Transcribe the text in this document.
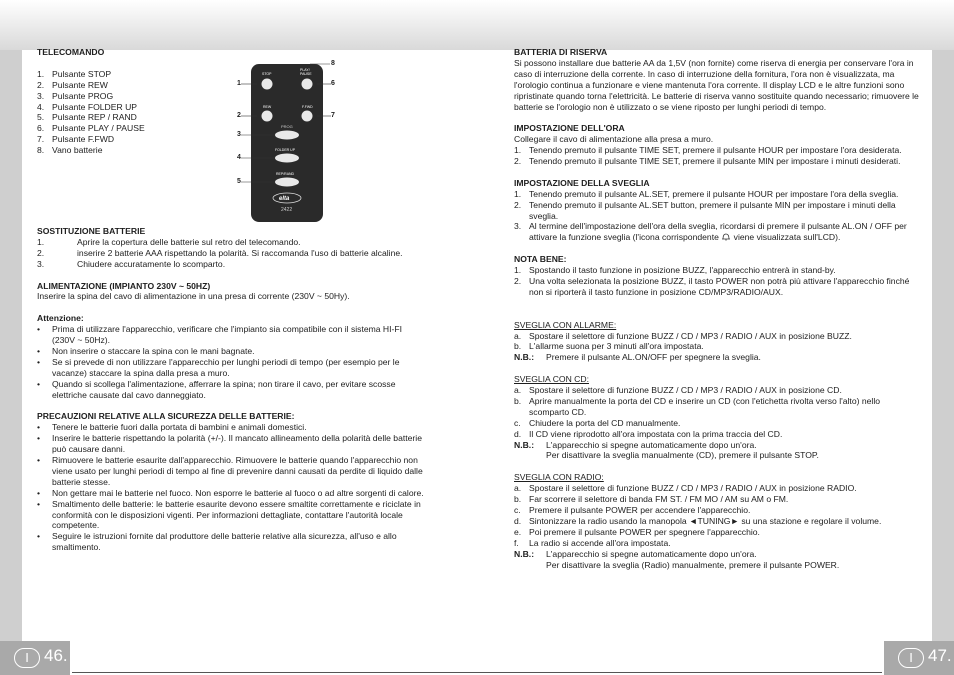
TELECOMANDO
1. Pulsante STOP
2. Pulsante REW
3. Pulsante PROG
4. Pulsante FOLDER UP
5. Pulsante REP / RAND
6. Pulsante PLAY / PAUSE
7. Pulsante F.FWD
8. Vano batterie
SOSTITUZIONE BATTERIE
1.	Aprire la copertura delle batterie sul retro del telecomando.
2.	inserire 2 batterie AAA rispettando la polarità. Si raccomanda l'uso di batterie alcaline.
3.	Chiudere accuratamente lo scomparto.
ALIMENTAZIONE (IMPIANTO 230V ~ 50HZ)

Inserire la spina del cavo di alimentazione in una presa di corrente (230V ~ 50Hy).

Attenzione:
•	Prima di utilizzare l'apparecchio, verificare che l'impianto sia compatibile con il sistema HI-FI (230V ~ 50Hz).
•	Non inserire o staccare la spina con le mani bagnate.
•	Se si prevede di non utilizzare l'apparecchio per lunghi periodi di tempo (per esempio per le vacanze) staccare la spina dalla presa a muro.
•	Quando si scollega l'alimentazione, afferrare la spina; non tirare il cavo, per evitare scosse elettriche causate dal cavo danneggiato.
PRECAUZIONI RELATIVE ALLA SICUREZZA DELLE BATTERIE:
•	Tenere le batterie fuori dalla portata di bambini e animali domestici.
•	Inserire le batterie rispettando la polarità (+/-). Il mancato allineamento della polarità delle batterie può causare danni.
•	Rimuovere le batterie esaurite dall'apparecchio. Rimuovere le batterie quando l'apparecchio non viene usato per lunghi periodi di tempo al fine di prevenire danni causati da perdite di liquido dalle batterie stesse.
•	Non gettare mai le batterie nel fuoco. Non esporre le batterie al fuoco o ad altre sorgenti di calore.
•	Smaltimento delle batterie: le batterie esaurite devono essere smaltite correttamente e riciclate in conformità con le disposizioni vigenti. Per informazioni dettagliate, contattare l'autorità locale competente.
•	Seguire le istruzioni fornite dal produttore delle batterie relative alla sicurezza, all'uso e allo smaltimento.
STOP
PLAY/
PAUSE
REW	F.FWD
PROG
FOLDER UP
REP/RAND
elta
2422
8
1	6
2	7
3
4
5
BATTERIA DI RISERVA

Si possono installare due batterie AA da 1,5V (non fornite) come riserva di energia per conservare l'ora in caso di interruzione della corrente. In caso di interruzione della fornitura, l'ora non è visualizzata, ma l'orologio continua a funzionare e viene mantenuta l'ora corrente. Il display LCD e le altre funzioni sono ripristinate quando torna l'elettricità. Le batterie di riserva vanno sostituite quando necessario; rimuovere le batterie se l'orologio non è utilizzato o se viene riposto per lunghi periodi di tempo.

IMPOSTAZIONE DELL'ORA

Collegare il cavo di alimentazione alla presa a muro.

1. Tenendo premuto il pulsante TIME SET, premere il pulsante HOUR per impostare l'ora desiderata.
2. Tenendo premuto il pulsante TIME SET, premere il pulsante MIN per impostare i minuti desiderati.
IMPOSTAZIONE DELLA SVEGLIA
1. Tenendo premuto il pulsante AL.SET, premere il pulsante HOUR per impostare l'ora della sveglia.
2. Tenendo premuto il pulsante AL.SET button, premere il pulsante MIN per impostare i minuti della sveglia.
3. Al termine dell'impostazione dell'ora della sveglia, ricordarsi di premere il pulsante AL.ON / OFF per attivare la funzione sveglia (l'icona corrispondente viene visualizzata sull'LCD).
NOTA BENE:
1. Spostando il tasto funzione in posizione BUZZ, l'apparecchio entrerà in stand-by.
2. Una volta selezionata la posizione BUZZ, il tasto POWER non potrà più attivare l'apparecchio finché non si riporterà il tasto funzione in posizione CD/MP3/RADIO/AUX.
SVEGLIA CON ALLARME:
a. Spostare il selettore di funzione BUZZ / CD / MP3 / RADIO / AUX in posizione BUZZ.
b. L'allarme suona per 3 minuti all'ora impostata.
N.B.:	Premere il pulsante AL.ON/OFF per spegnere la sveglia.
SVEGLIA CON CD:
a. Spostare il selettore di funzione BUZZ / CD / MP3 / RADIO / AUX in posizione CD.
b. Aprire manualmente la porta del CD e inserire un CD (con l'etichetta rivolta verso l'alto) nello scomparto CD.
c. Chiudere la porta del CD manualmente.
d. Il CD viene riprodotto all'ora impostata con la prima traccia del CD.
N.B.:	L'apparecchio si spegne automaticamente dopo un'ora.
Per disattivare la sveglia manualmente (CD), premere il pulsante STOP.
SVEGLIA CON RADIO:
a. Spostare il selettore di funzione BUZZ / CD / MP3 / RADIO / AUX in posizione RADIO.
b. Far scorrere il selettore di banda FM ST. / FM MO / AM su AM o FM.
c. Premere il pulsante POWER per accendere l'apparecchio.
d. Sintonizzare la radio usando la manopola ◄TUNING► su una stazione e regolare il volume.
e. Poi premere il pulsante POWER per spegnere l'apparecchio.
f.	La radio si accende all'ora impostata.
N.B.:	L'apparecchio si spegne automaticamente dopo un'ora.
Per disattivare la sveglia (Radio) manualmente, premere il pulsante POWER.
I 46.	I 47.
